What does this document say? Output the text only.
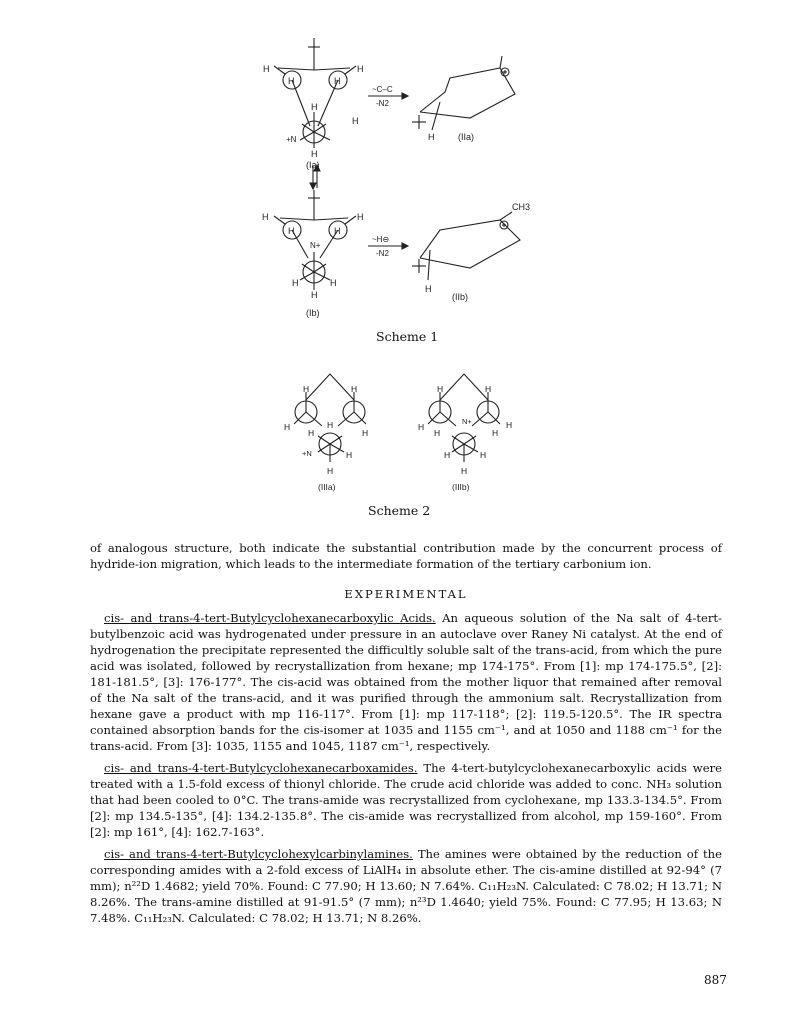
H
H	H
H
H
H
+N
H
~C–C
-N2
H
H
H	H
H
N+
H	H
H
~H⊖
-N2
CH3
H
(IIa)
(Ia)
(Ib)
(IIb)
Scheme 1
H	H
H	H
H	H
+N	H
H
H	H
H
H
N+
H
H
H	H
H
(IIIa)	(IIIb)
Scheme 2

of analogous structure, both indicate the substantial contribution made by the concurrent process of hydride-ion migration, which leads to the intermediate formation of the tertiary carbonium ion.

EXPERIMENTAL

cis- and trans-4-tert-Butylcyclohexanecarboxylic Acids. An aqueous solution of the Na salt of 4-tert-butylbenzoic acid was hydrogenated under pressure in an autoclave over Raney Ni catalyst. At the end of hydrogenation the precipitate represented the difficultly soluble salt of the trans-acid, from which the pure acid was isolated, followed by recrystallization from hexane; mp 174-175°. From [1]: mp 174-175.5°, [2]: 181-181.5°, [3]: 176-177°. The cis-acid was obtained from the mother liquor that remained after removal of the Na salt of the trans-acid, and it was purified through the ammonium salt. Recrystallization from hexane gave a product with mp 116-117°. From [1]: mp 117-118°; [2]: 119.5-120.5°. The IR spectra contained absorption bands for the cis-isomer at 1035 and 1155 cm⁻¹, and at 1050 and 1188 cm⁻¹ for the trans-acid. From [3]: 1035, 1155 and 1045, 1187 cm⁻¹, respectively.

cis- and trans-4-tert-Butylcyclohexanecarboxamides. The 4-tert-butylcyclohexanecarboxylic acids were treated with a 1.5-fold excess of thionyl chloride. The crude acid chloride was added to conc. NH₃ solution that had been cooled to 0°C. The trans-amide was recrystallized from cyclohexane, mp 133.3-134.5°. From [2]: mp 134.5-135°, [4]: 134.2-135.8°. The cis-amide was recrystallized from alcohol, mp 159-160°. From [2]: mp 161°, [4]: 162.7-163°.

cis- and trans-4-tert-Butylcyclohexylcarbinylamines. The amines were obtained by the reduction of the corresponding amides with a 2-fold excess of LiAlH₄ in absolute ether. The cis-amine distilled at 92-94° (7 mm); n²²D 1.4682; yield 70%. Found: C 77.90; H 13.60; N 7.64%. C₁₁H₂₃N. Calculated: C 78.02; H 13.71; N 8.26%. The trans-amine distilled at 91-91.5° (7 mm); n²³D 1.4640; yield 75%. Found: C 77.95; H 13.63; N 7.48%. C₁₁H₂₃N. Calculated: C 78.02; H 13.71; N 8.26%.

887
